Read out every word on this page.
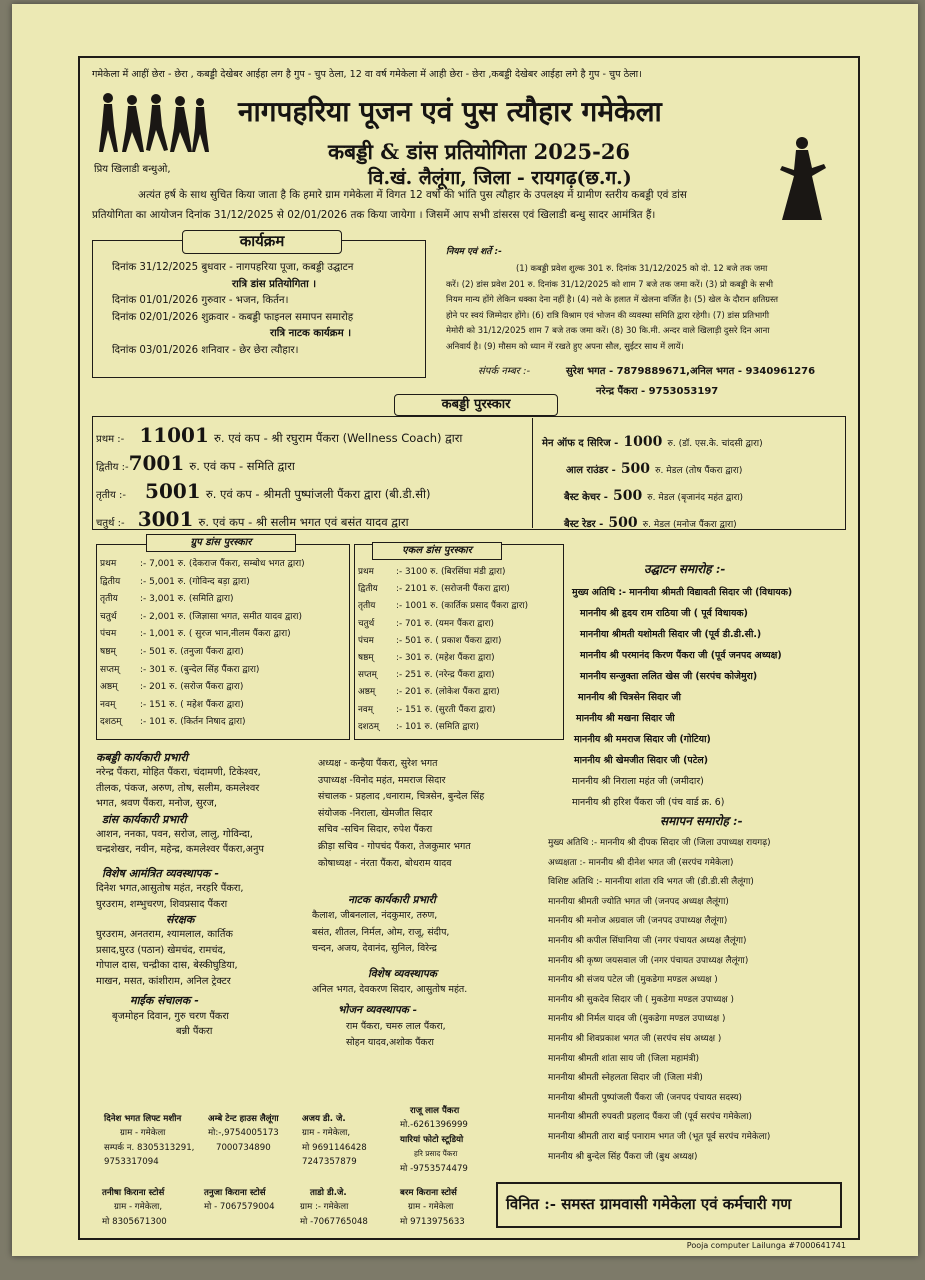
गमेकेला में आहीं छेरा - छेरा , कबड्डी देखेबर आईहा लग है गुप - चुप ठेला, 12 वा वर्ष गमेकेला में आही छेरा - छेरा ,कबड्डी देखेबर आईहा लगे है गुप - चुप ठेला।
नागपहरिया पूजन एवं पुस त्यौहार गमेकेला
कबड्डी & डांस प्रतियोगिता 2025-26
वि.खं. लैलूंगा, जिला - रायगढ़(छ.ग.)
प्रिय खिलाडी बन्धुओ,
अत्यंत हर्ष के साथ सुचित किया जाता है कि हमारे ग्राम गमेकेला में विगत 12 वर्षो की भांति पुस त्यौहार के उपलक्ष्य में ग्रामीण स्तरीय कबड्डी एवं डांस
प्रतियोगिता का आयोजन दिनांक 31/12/2025 से 02/01/2026 तक किया जायेगा । जिसमें आप सभी डांसरस एवं खिलाडी बन्धु सादर आमंत्रित हैं।
कार्यक्रम
दिनांक 31/12/2025 बुधवार - नागपहरिया पूजा, कबड्डी उद्घाटन
रात्रि डांस प्रतियोगिता ।
दिनांक 01/01/2026 गुरुवार - भजन, किर्तन।
दिनांक 02/01/2026 शुक्रवार - कबड्डी फाइनल समापन समारोह
रात्रि नाटक कार्यक्रम ।
दिनांक 03/01/2026 शनिवार - छेर छेरा त्यौहार।
नियम एवं शर्ते :-
(1) कबड्डी प्रवेश शुल्क 301 रु. दिनांक 31/12/2025 को दो. 12 बजे तक जमा
करें। (2) डांस प्रवेश 201 रु. दिनांक 31/12/2025 को शाम 7 बजे तक जमा करें। (3) प्रो कबड्डी के सभी
नियम मान्य होंगे लेकिन धक्का देना नहीं है। (4) नशे के हलात में खेलना वर्जित है। (5) खेल के दौरान क्षतिग्रस्त
होने पर स्वयं जिम्मेदार होंगे। (6) रात्रि विश्राम एवं भोजन की व्यवस्था समिति द्वारा रहेगी। (7) डांस प्रतिभागी
मेमोरी को 31/12/2025 शाम 7 बजे तक जमा करें। (8) 30 कि.मी. अन्दर वाले खिलाड़ी दुसरे दिन आना
अनिवार्य है। (9) मौसम को ध्यान में रखते हुए अपना सौल, सुईटर साथ में लायें।
संपर्क नम्बर :-	सुरेश भगत - 7879889671,अनिल भगत - 9340961276
नरेन्द्र पैंकरा - 9753053197
कबड्डी पुरस्कार
प्रथम :- 11001 रु. एवं कप - श्री रघुराम पैंकरा (Wellness Coach) द्वारा
द्वितीय :-7001 रु. एवं कप - समिति द्वारा
तृतीय :- 5001 रु. एवं कप - श्रीमती पुष्पांजली पैंकरा द्वारा (बी.डी.सी)
चतुर्थ :- 3001 रु. एवं कप - श्री सलीम भगत एवं बसंत यादव द्वारा
मेन ऑफ द सिरिज - 1000 रु. (डॉ. एस.के. चांदसी द्वारा)
आल राउंडर - 500 रु. मेडल (तोष पैंकरा द्वारा)
बैस्ट केचर - 500 रु. मेडल (बृजानंद महंत द्वारा)
बैस्ट रेडर - 500 रु. मेडल (मनोज पैंकरा द्वारा)
ग्रुप डांस पुरस्कार
प्रथम	:- 7,001 रु. (देकराज पैंकरा, सम्बोध भगत द्वारा)
द्वितीय :- 5,001 रु. (गोविन्द बड़ा द्वारा)
तृतीय :- 3,001 रु. (समिति द्वारा)
चतुर्थ	:- 2,001 रु. (जिज्ञासा भगत, समीत यादव द्वारा)
पंचम	:- 1,001 रु. ( सुरज भान,नीलम पैंकरा द्वारा)
षष्ठम्	:- 501 रु. (तनुजा पैंकरा द्वारा)
सप्तम् :- 301 रु. (बुन्देल सिंह पैंकरा द्वारा)
अष्ठम् :- 201 रु. (सरोज पैंकरा द्वारा)
नवम्	:- 151 रु. ( महेश पैंकरा द्वारा)
दशठम् :- 101 रु. (किर्तन निषाद द्वारा)
एकल डांस पुरस्कार
प्रथम	:- 3100 रु. (बिरसिंघा मंडी द्वारा)
द्वितीय :- 2101 रु. (सरोजनी पैंकरा द्वारा)
तृतीय :- 1001 रु. (कार्तिक प्रसाद पैंकरा द्वारा)
चतुर्थ :- 701 रु. (यमन पैंकरा द्वारा)
पंचम	:- 501 रु. ( प्रकाश पैंकरा द्वारा)
षष्ठम्	:- 301 रु. (महेश पैंकरा द्वारा)
सप्तम् :- 251 रु. (नरेन्द्र पैंकरा द्वारा)
अष्ठम् :- 201 रु. (लोकेश पैंकरा द्वारा)
नवम्	:- 151 रु. (सुरती पैंकरा द्वारा)
दशठम् :- 101 रु. (समिति द्वारा)
उद्घाटन समारोह :-
मुख्य अतिथि :- माननीया श्रीमती विद्यावती सिदार जी (विधायक)
माननीय श्री हृदय राम राठिया जी ( पूर्व विधायक)
माननीया श्रीमती यशोमती सिदार जी (पूर्व डी.डी.सी.)
माननीय श्री परमानंद किरण पैंकरा जी (पूर्व जनपद अध्यक्ष)
माननीय सन्जुक्ता ललित खेस जी (सरपंच कोजेमुरा)
माननीय श्री चित्रसेन सिदार जी
माननीय श्री मखना सिदार जी
माननीय श्री ममराज सिदार जी (गोटिया)
माननीय श्री खेमजीत सिदार जी (पटेल)
माननीय श्री निराला महंत जी (जमीदार)
माननीय श्री हरिश पैंकरा जी (पंच वार्ड क्र. 6)
समापन समारोह :-
मुख्य अतिथि :- माननीय श्री दीपक सिदार जी (जिला उपाध्यक्ष रायगढ़)
अध्यक्षता :- माननीय श्री दीनेश भगत जी (सरपंच गमेकेला)
विशिष्ट अतिथि :- माननीया शांता रवि भगत जी (डी.डी.सी लैलूंगा)
माननीया श्रीमती ज्योति भगत जी (जनपद अध्यक्ष लैलूंगा)
माननीय श्री मनोज अग्रवाल जी (जनपद उपाध्यक्ष लैलूंगा)
माननीय श्री कपील सिंघानिया जी (नगर पंचायत अध्यक्ष लैलूंगा)
माननीय श्री कृष्ण जयसवाल जी (नगर पंचायत उपाध्यक्ष लैलूंगा)
माननीय श्री संजय पटेल जी (मुकडेगा मण्डल अध्यक्ष )
माननीय श्री सुकदेव सिदार जी ( मुकडेगा मण्डल उपाध्यक्ष )
माननीय श्री निर्मल यादव जी (मुकडेगा मण्डल उपाध्यक्ष )
माननीय श्री शिवप्रकाश भगत जी (सरपंच संघ अध्यक्ष )
माननीया श्रीमती शांता साय जी (जिला महामंत्री)
माननीया श्रीमती स्नेहलता सिदार जी (जिला मंत्री)
माननीया श्रीमती पुष्पांजली पैंकरा जी (जनपद पंचायत सदस्य)
माननीया श्रीमती रुपवती प्रहलाद पैंकरा जी (पूर्व सरपंच गमेकेला)
माननीया श्रीमती तारा बाई पनाराम भगत जी (भूत पूर्व सरपंच गमेकेला)
माननीय श्री बुन्देल सिंह पैंकरा जी (बुथ अध्यक्ष)
कबड्डी कार्यकारी प्रभारी
नरेन्द्र पैंकरा, मोहित पैंकरा, चंदामणी, टिकेश्वर,
तीलक, पंकज, अरुण, तोष, सलीम, कमलेश्वर
भगत, श्रवण पैंकरा, मनोज, सुरज,
डांस कार्यकारी प्रभारी
आशन, ननका, पवन, सरोज, लालु, गोविन्दा,
चन्द्रशेखर, नवीन, महेन्द्र, कमलेश्वर पैंकरा,अनुप
विशेष आमंत्रित व्यवस्थापक -
दिनेश भगत,आसुतोष महंत, नरहरि पैंकरा,
घुरउराम, शम्भुचरण, शिवप्रसाद पैंकरा
संरक्षक
घुरउराम, अनतराम, श्यामलाल, कार्तिक
प्रसाद,घुरउ (पठान) खेमचंद, रामचंद,
गोपाल दास, चन्द्रीका दास, बेस्कीघुडिया,
माखन, मसत, कांशीराम, अनिल ट्रेक्टर
माईक संचालक -
बृजमोहन दिवान, गुरु चरण पैंकरा
बन्नी पैंकरा
अध्यक्ष - कन्हैया पैंकरा, सुरेश भगत
उपाध्यक्ष -विनोद महंत, ममराज सिदार
संचालक - प्रहलाद ,धनाराम, चित्रसेन, बुन्देल सिंह
संयोजक -निराला, खेमजीत सिदार
सचिव -सचिन सिदार, रुपेश पैंकरा
क्रीड़ा सचिव - गोपचंद पैंकरा, तेजकुमार भगत
कोषाध्यक्ष - नंरता पैंकरा, बोधराम यादव
नाटक कार्यकारी प्रभारी
कैलाश, जीबनलाल, नंदकुमार, तरुण,
बसंत, शीतल, निर्मल, ओम, राजू, संदीप,
चन्दन, अजय, देवानंद, सुनिल, विरेन्द्र
विशेष व्यवस्थापक
अनिल भगत, देवकरण सिदार, आसुतोष महंत.
भोजन व्यवस्थापक -
राम पैंकरा, चमरु लाल पैंकरा,
सोहन यादव,अशोक पैंकरा
दिनेश भगत लिफ्ट मशीन
ग्राम - गमेकेला
सम्पर्क न. 8305313291,
9753317094
अम्बे टेन्ट हाउस लैलूंगा
मो:-,9754005173
7000734890
अजय डी. जे.
ग्राम - गमेकेला,
मो 9691146428
7247357879
राजू लाल पैंकरा
मो.-6261396999
यारियां फोटो स्टूडियो
हरि प्रसाद पैंकरा
मो -9753574479
तनीषा किराना स्टोर्स
ग्राम - गमेकेला,
मो 8305671300
तनुजा किराना स्टोर्स
मो - 7067579004
ताडो डी.जे.
ग्राम :- गमेकेला
मो -7067765048
बरम किराना स्टोर्स
ग्राम - गमेकेला
मो 9713975633
विनित :- समस्त ग्रामवासी गमेकेला एवं कर्मचारी गण
Pooja computer Lailunga #7000641741
